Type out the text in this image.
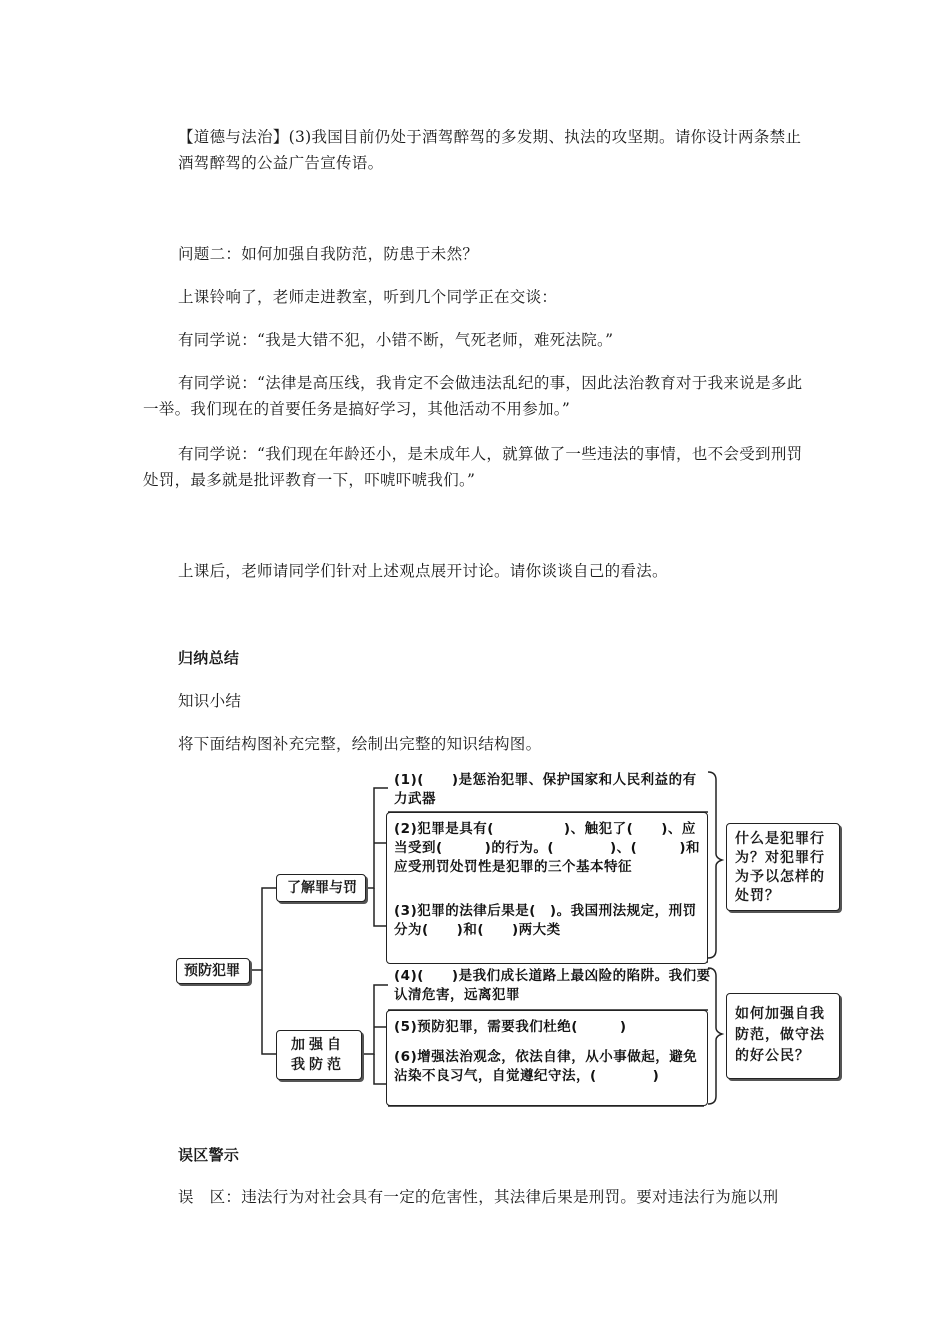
【道德与法治】(3)我国目前仍处于酒驾醉驾的多发期、执法的攻坚期。请你设计两条禁止酒驾醉驾的公益广告宣传语。
问题二：如何加强自我防范，防患于未然？
上课铃响了，老师走进教室，听到几个同学正在交谈：
有同学说：“我是大错不犯，小错不断，气死老师，难死法院。”
有同学说：“法律是高压线，我肯定不会做违法乱纪的事，因此法治教育对于我来说是多此一举。我们现在的首要任务是搞好学习，其他活动不用参加。”
有同学说：“我们现在年龄还小，是未成年人，就算做了一些违法的事情，也不会受到刑罚处罚，最多就是批评教育一下，吓唬吓唬我们。”
上课后，老师请同学们针对上述观点展开讨论。请你谈谈自己的看法。
归纳总结
知识小结
将下面结构图补充完整，绘制出完整的知识结构图。
预防犯罪
了解罪与罚
加强自我防范
(1)(　　)是惩治犯罪、保护国家和人民利益的有力武器
(2)犯罪是具有(　　　　　)、触犯了(　　)、应当受到(　　　)的行为。(　　　　)、(　　　)和应受刑罚处罚性是犯罪的三个基本特征
(3)犯罪的法律后果是(　)。我国刑法规定，刑罚分为(　　)和(　　)两大类
(4)(　　)是我们成长道路上最凶险的陷阱。我们要认清危害，远离犯罪
(5)预防犯罪，需要我们杜绝(　　　)
(6)增强法治观念，依法自律，从小事做起，避免沾染不良习气，自觉遵纪守法，(　　　　)
什么是犯罪行为？对犯罪行为予以怎样的处罚？
如何加强自我防范，做守法的好公民？
误区警示
误　区：违法行为对社会具有一定的危害性，其法律后果是刑罚。要对违法行为施以刑
